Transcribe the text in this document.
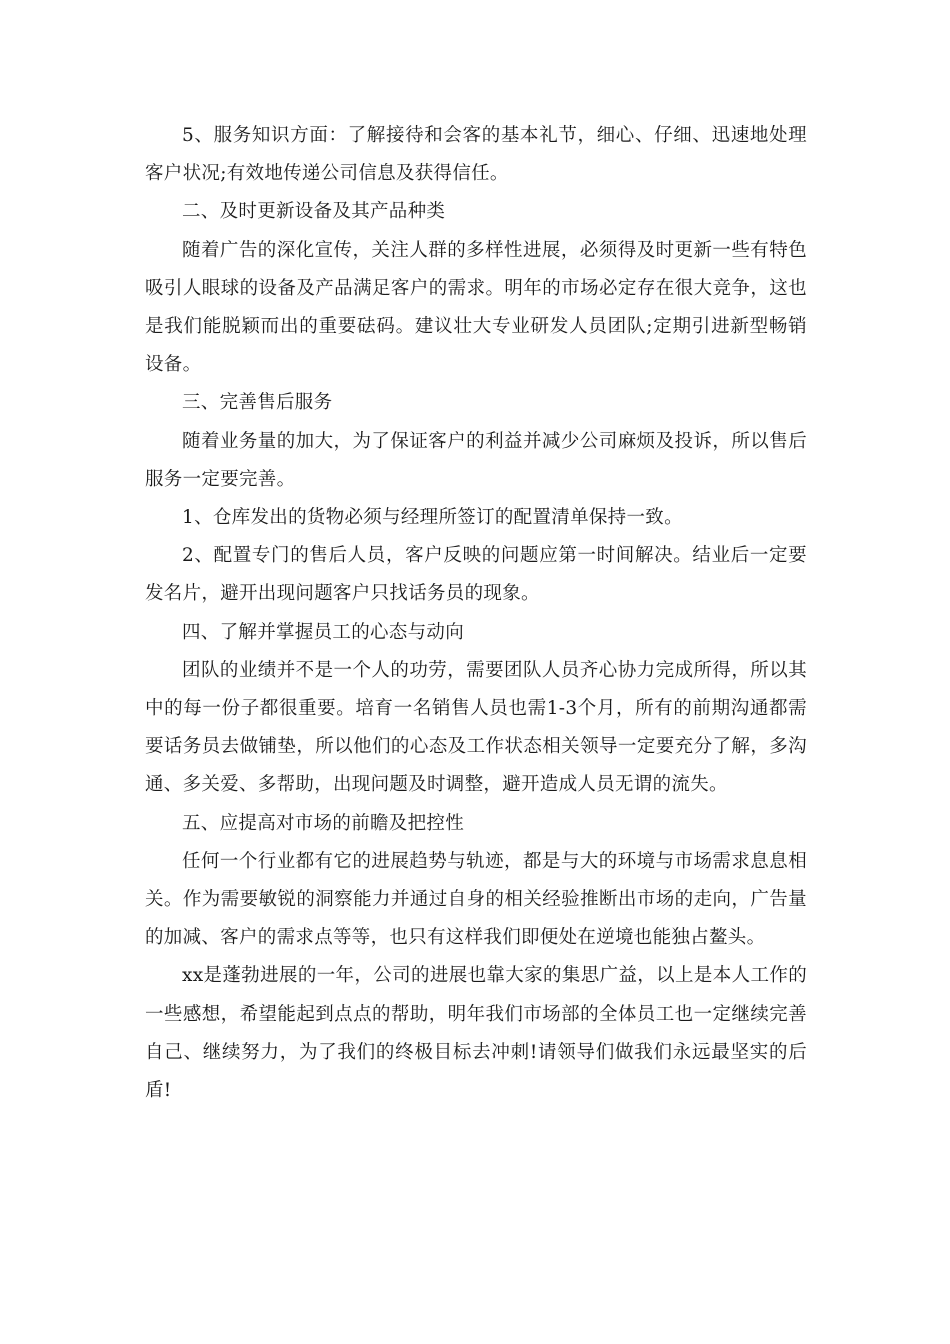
5、服务知识方面：了解接待和会客的基本礼节，细心、仔细、迅速地处理客户状况;有效地传递公司信息及获得信任。

二、及时更新设备及其产品种类

随着广告的深化宣传，关注人群的多样性进展，必须得及时更新一些有特色吸引人眼球的设备及产品满足客户的需求。明年的市场必定存在很大竞争，这也是我们能脱颖而出的重要砝码。建议壮大专业研发人员团队;定期引进新型畅销设备。

三、完善售后服务

随着业务量的加大，为了保证客户的利益并减少公司麻烦及投诉，所以售后服务一定要完善。

1、仓库发出的货物必须与经理所签订的配置清单保持一致。

2、配置专门的售后人员，客户反映的问题应第一时间解决。结业后一定要发名片，避开出现问题客户只找话务员的现象。

四、了解并掌握员工的心态与动向

团队的业绩并不是一个人的功劳，需要团队人员齐心协力完成所得，所以其中的每一份子都很重要。培育一名销售人员也需1-3个月，所有的前期沟通都需要话务员去做铺垫，所以他们的心态及工作状态相关领导一定要充分了解，多沟通、多关爱、多帮助，出现问题及时调整，避开造成人员无谓的流失。

五、应提高对市场的前瞻及把控性

任何一个行业都有它的进展趋势与轨迹，都是与大的环境与市场需求息息相关。作为需要敏锐的洞察能力并通过自身的相关经验推断出市场的走向，广告量的加减、客户的需求点等等，也只有这样我们即便处在逆境也能独占鳌头。

xx是蓬勃进展的一年，公司的进展也靠大家的集思广益，以上是本人工作的一些感想，希望能起到点点的帮助，明年我们市场部的全体员工也一定继续完善自己、继续努力，为了我们的终极目标去冲刺!请领导们做我们永远最坚实的后盾!
